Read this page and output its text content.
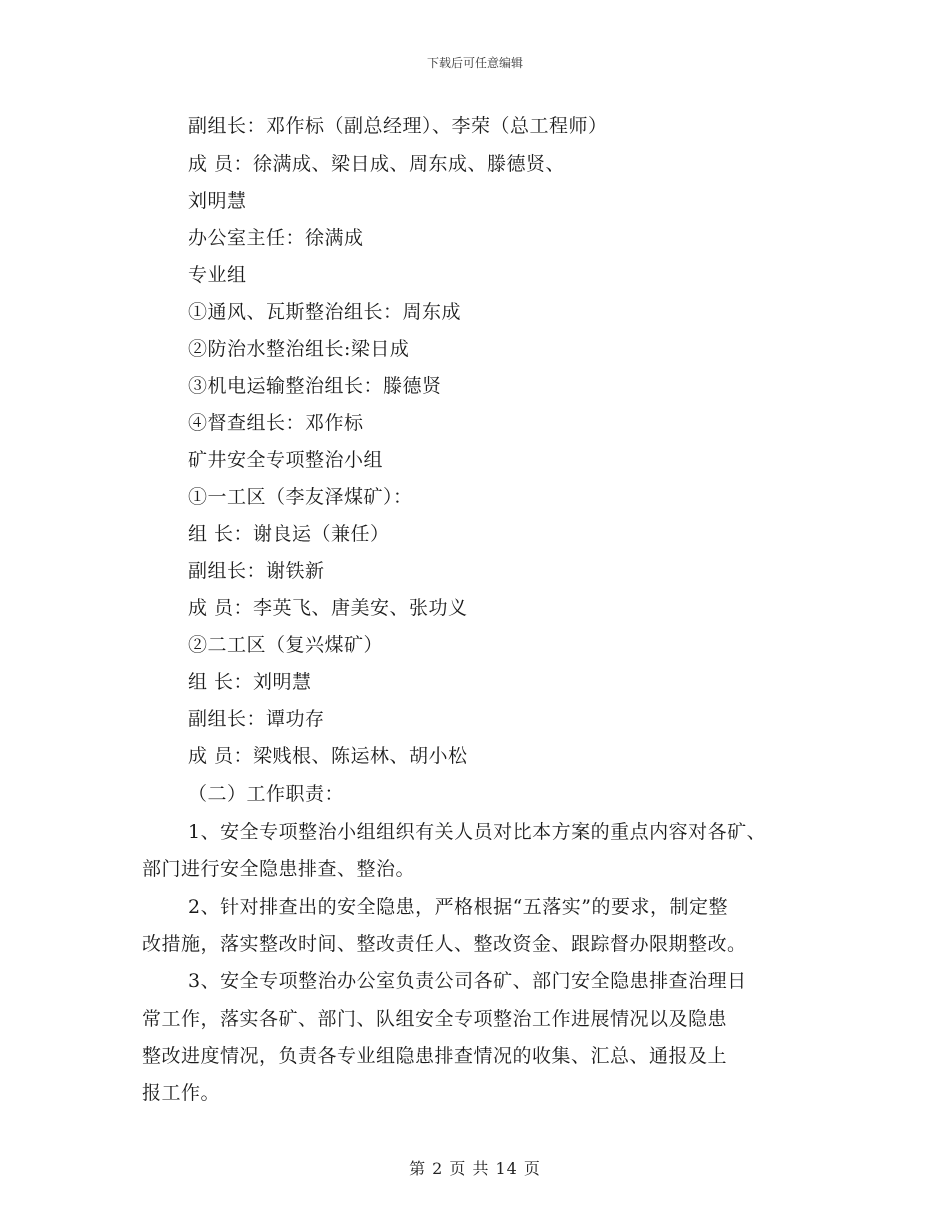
下载后可任意编辑
副组长：邓作标（副总经理）、李荣（总工程师）
成 员：徐满成、梁日成、周东成、滕德贤、
刘明慧
办公室主任：徐满成
专业组
①通风、瓦斯整治组长：周东成
②防治水整治组长:梁日成
③机电运输整治组长：滕德贤
④督查组长：邓作标
矿井安全专项整治小组
①一工区（李友泽煤矿）：
组 长：谢良运（兼任）
副组长：谢铁新
成 员：李英飞、唐美安、张功义
②二工区（复兴煤矿）
组 长：刘明慧
副组长：谭功存
成 员：梁贱根、陈运林、胡小松
（二）工作职责：
1、安全专项整治小组组织有关人员对比本方案的重点内容对各矿、
部门进行安全隐患排查、整治。
2、针对排查出的安全隐患，严格根据“五落实”的要求，制定整
改措施，落实整改时间、整改责任人、整改资金、跟踪督办限期整改。
3、安全专项整治办公室负责公司各矿、部门安全隐患排查治理日
常工作，落实各矿、部门、队组安全专项整治工作进展情况以及隐患
整改进度情况，负责各专业组隐患排查情况的收集、汇总、通报及上
报工作。
第 2 页 共 14 页
